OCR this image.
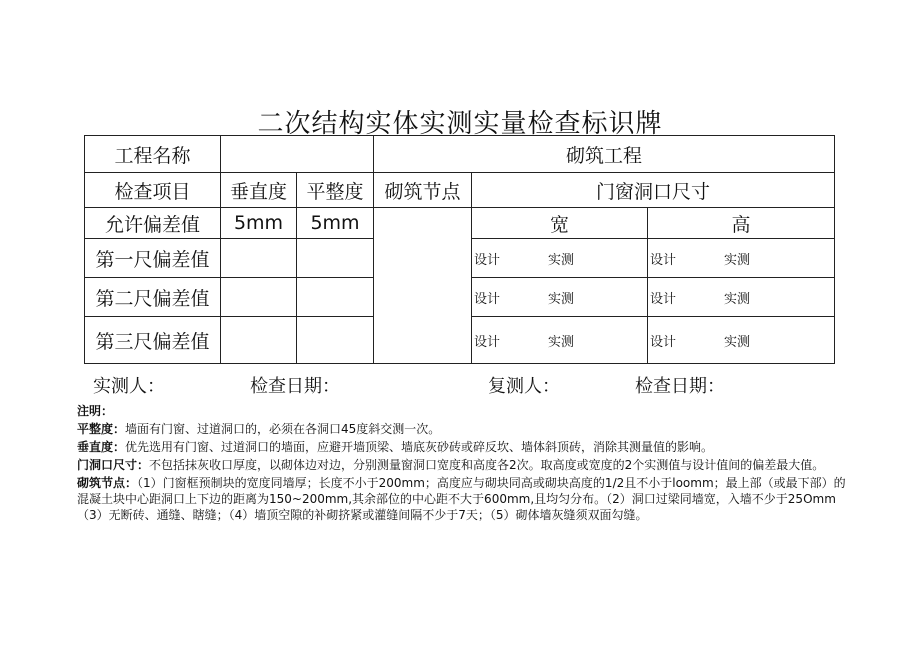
二次结构实体实测实量检查标识牌
工程名称			砌筑工程		
检查项目	垂直度	平整度	砌筑节点	门窗洞口尺寸	
允许偏差值	5mm	5mm		宽	高
第一尺偏差值				设计 实测	设计 实测

第二尺偏差值				设计 实测	设计 实测

第三尺偏差值				设计 实测	设计 实测
实测人：	检查日期：	复测人：	检查日期：

注明：

平整度：墙面有门窗、过道洞口的，必须在各洞口45度斜交测一次。

垂直度：优先选用有门窗、过道洞口的墙面，应避开墙顶梁、墙底灰砂砖或碎反坎、墙体斜顶砖，消除其测量值的影响。

门洞口尺寸：不包括抹灰收口厚度，以砌体边对边，分别测量窗洞口宽度和高度各2次。取高度或宽度的2个实测值与设计值间的偏差最大值。

砌筑节点：（1）门窗框预制块的宽度同墙厚；长度不小于200mm；高度应与砌块同高或砌块高度的1/2且不小于loomm；最上部（或最下部）的混凝土块中心距洞口上下边的距离为150~200mm,其余部位的中心距不大于600mm,且均匀分布。（2）洞口过梁同墙宽，入墙不少于25Omm（3）无断砖、通缝、瞎缝；（4）墙顶空隙的补砌挤紧或灌缝间隔不少于7天；（5）砌体墙灰缝须双面勾缝。
